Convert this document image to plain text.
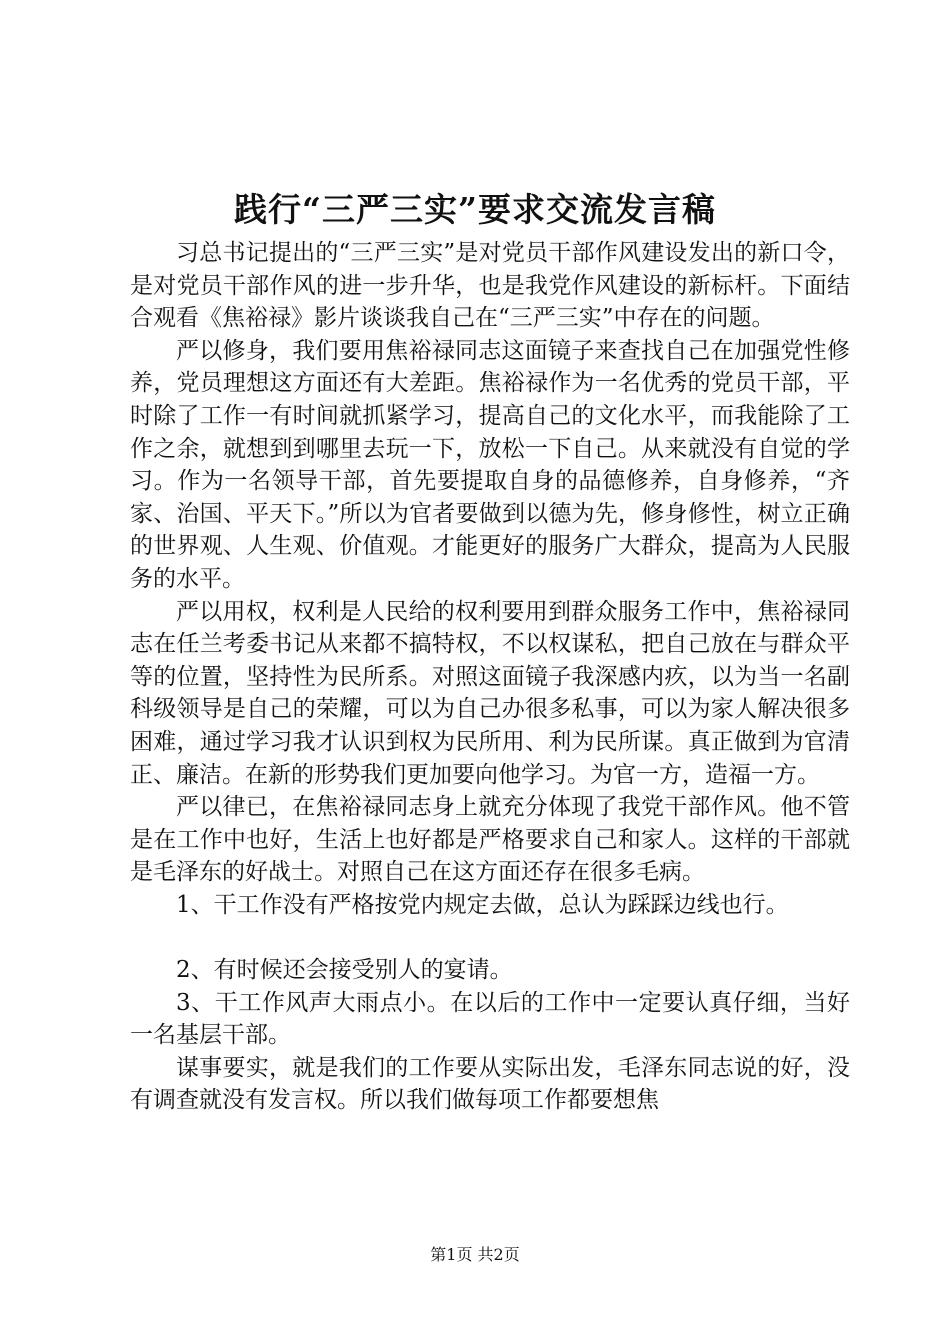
践行“三严三实”要求交流发言稿

习总书记提出的“三严三实”是对党员干部作风建设发出的新口令，是对党员干部作风的进一步升华，也是我党作风建设的新标杆。下面结合观看《焦裕禄》影片谈谈我自己在“三严三实”中存在的问题。

严以修身，我们要用焦裕禄同志这面镜子来查找自己在加强党性修养，党员理想这方面还有大差距。焦裕禄作为一名优秀的党员干部，平时除了工作一有时间就抓紧学习，提高自己的文化水平，而我能除了工作之余，就想到到哪里去玩一下，放松一下自己。从来就没有自觉的学习。作为一名领导干部，首先要提取自身的品德修养，自身修养，“齐家、治国、平天下。”所以为官者要做到以德为先，修身修性，树立正确的世界观、人生观、价值观。才能更好的服务广大群众，提高为人民服务的水平。

严以用权，权利是人民给的权利要用到群众服务工作中，焦裕禄同志在任兰考委书记从来都不搞特权，不以权谋私，把自己放在与群众平等的位置，坚持性为民所系。对照这面镜子我深感内疚，以为当一名副科级领导是自己的荣耀，可以为自己办很多私事，可以为家人解决很多困难，通过学习我才认识到权为民所用、利为民所谋。真正做到为官清正、廉洁。在新的形势我们更加要向他学习。为官一方，造福一方。

严以律已，在焦裕禄同志身上就充分体现了我党干部作风。他不管是在工作中也好，生活上也好都是严格要求自己和家人。这样的干部就是毛泽东的好战士。对照自己在这方面还存在很多毛病。

1、干工作没有严格按党内规定去做，总认为踩踩边线也行。

2、有时候还会接受别人的宴请。

3、干工作风声大雨点小。在以后的工作中一定要认真仔细，当好一名基层干部。

谋事要实，就是我们的工作要从实际出发，毛泽东同志说的好，没有调查就没有发言权。所以我们做每项工作都要想焦

第1页 共2页
